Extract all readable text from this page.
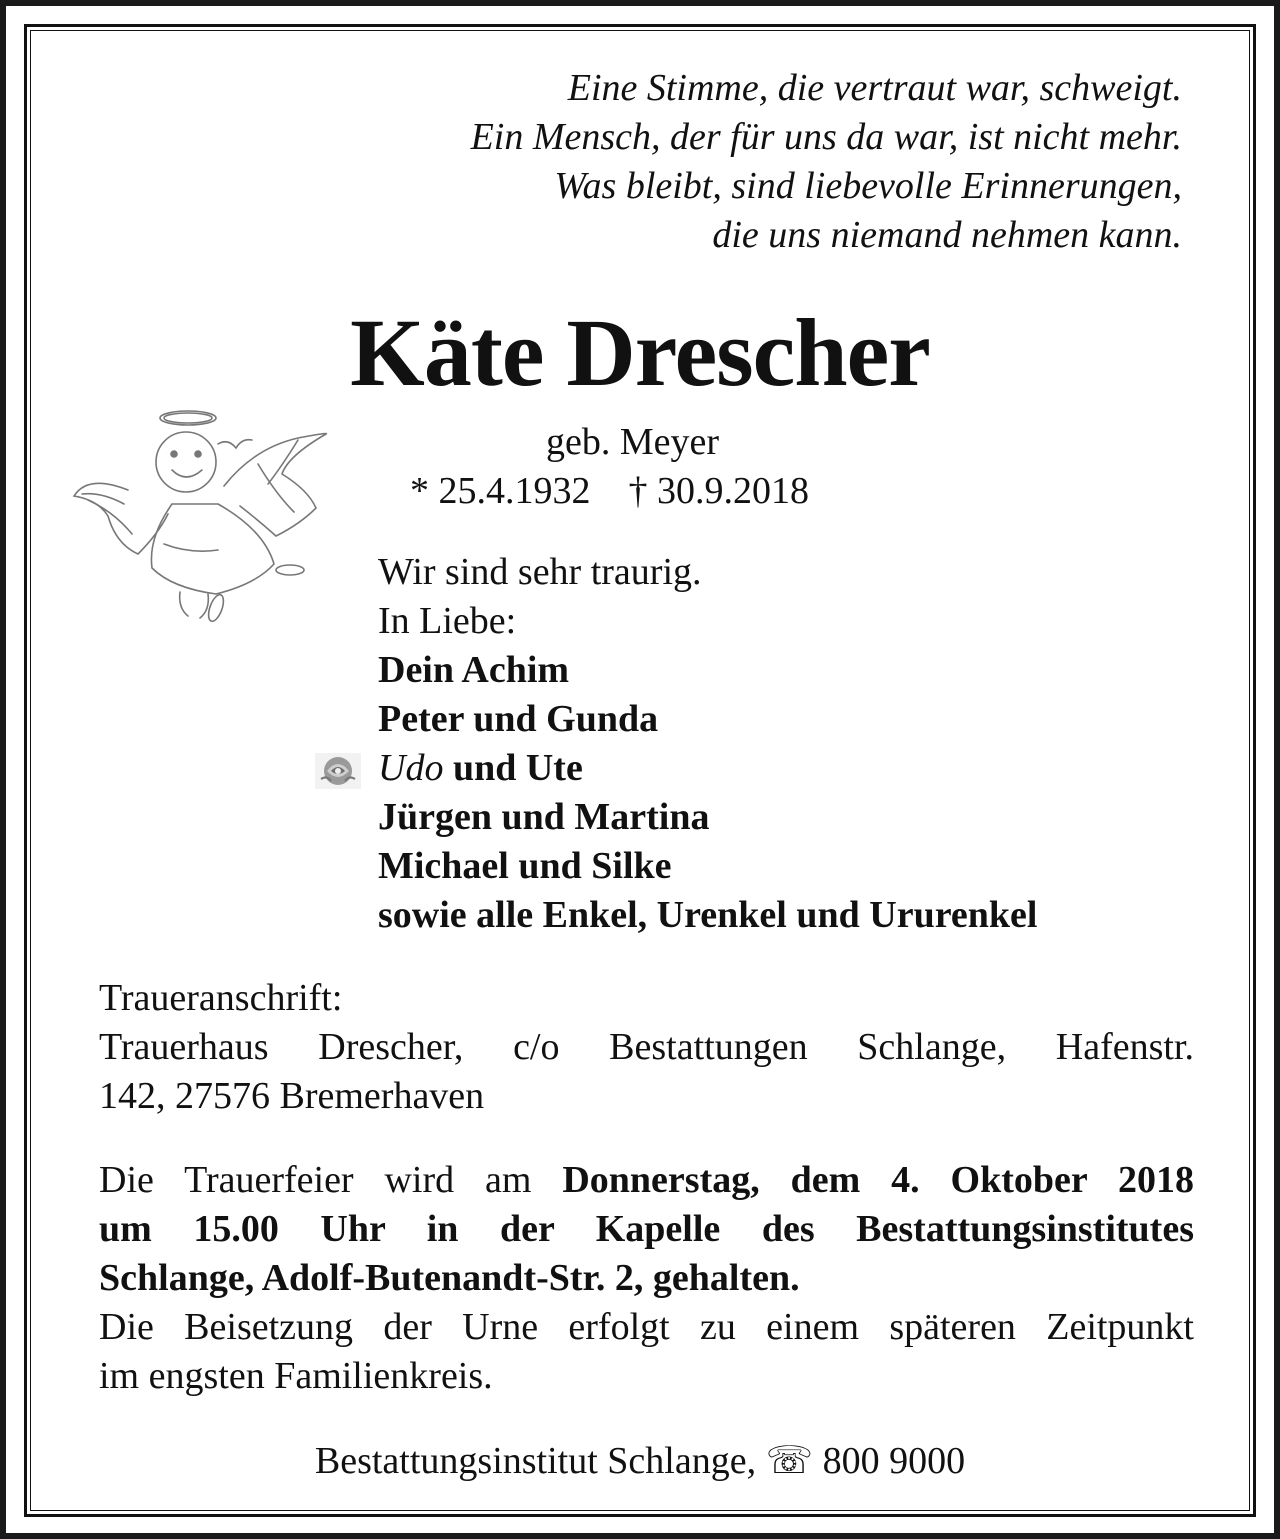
Eine Stimme, die vertraut war, schweigt.
Ein Mensch, der für uns da war, ist nicht mehr.
Was bleibt, sind liebevolle Erinnerungen,
die uns niemand nehmen kann.
Käte Drescher
geb. Meyer
* 25.4.1932 † 30.9.2018
Wir sind sehr traurig.
In Liebe:
Dein Achim
Peter und Gunda
Udo und Ute
Jürgen und Martina
Michael und Silke
sowie alle Enkel, Urenkel und Ururenkel
Traueranschrift:
Trauerhaus Drescher, c/o Bestattungen Schlange, Hafenstr.
142, 27576 Bremerhaven
Die Trauerfeier wird am Donnerstag, dem 4. Oktober 2018
um 15.00 Uhr in der Kapelle des Bestattungsinstitutes
Schlange, Adolf-Butenandt-Str. 2, gehalten.
Die Beisetzung der Urne erfolgt zu einem späteren Zeitpunkt
im engsten Familienkreis.
Bestattungsinstitut Schlange, ☏ 800 9000
